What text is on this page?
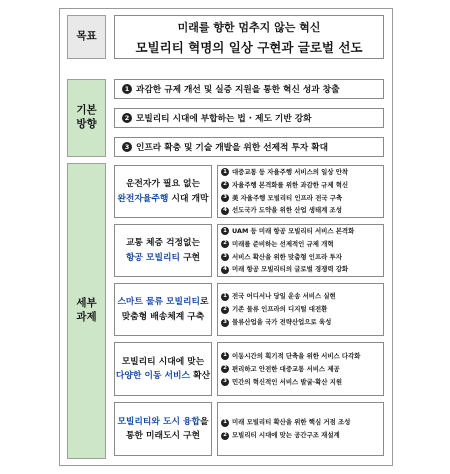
목표
미래를 향한 멈추지 않는 혁신
모빌리티 혁명의 일상 구현과 글로벌 선도
기본
방향
1 과감한 규제 개선 및 실증 지원을 통한 혁신 성과 창출
2 모빌리티 시대에 부합하는 법 · 제도 기반 강화
3 인프라 확충 및 기술 개발을 위한 선제적 투자 확대
세부
과제
운전자가 필요 없는
완전자율주행 시대 개막
1 대중교통 등 자율주행 서비스의 일상 안착
2 자율주행 본격화를 위한 과감한 규제 혁신
3 美 자율주행 모빌리티 인프라 전국 구축
4 선도국가 도약을 위한 산업 생태계 조성
교통 체증 걱정없는
항공 모빌리티 구현
1 UAM 등 미래 항공 모빌리티 서비스 본격화
2 미래를 준비하는 선제적인 규제 개혁
3 서비스 확산을 위한 맞춤형 인프라 투자
4 미래 항공 모빌리티의 글로벌 경쟁력 강화
스마트 물류 모빌리티로
맞춤형 배송체계 구축
1 전국 어디서나 당일 운송 서비스 실현
2 기존 물류 인프라의 디지털 대전환
3 물류산업을 국가 전략산업으로 육성
모빌리티 시대에 맞는
다양한 이동 서비스 확산
1 이동시간의 획기적 단축을 위한 서비스 다각화
2 편리하고 안전한 대중교통 서비스 제공
3 민간의 혁신적인 서비스 발굴·확산 지원
모빌리티와 도시 융합을
통한 미래도시 구현
1 미래 모빌리티 확산을 위한 핵심 거점 조성
2 모빌리티 시대에 맞는 공간구조 재설계
